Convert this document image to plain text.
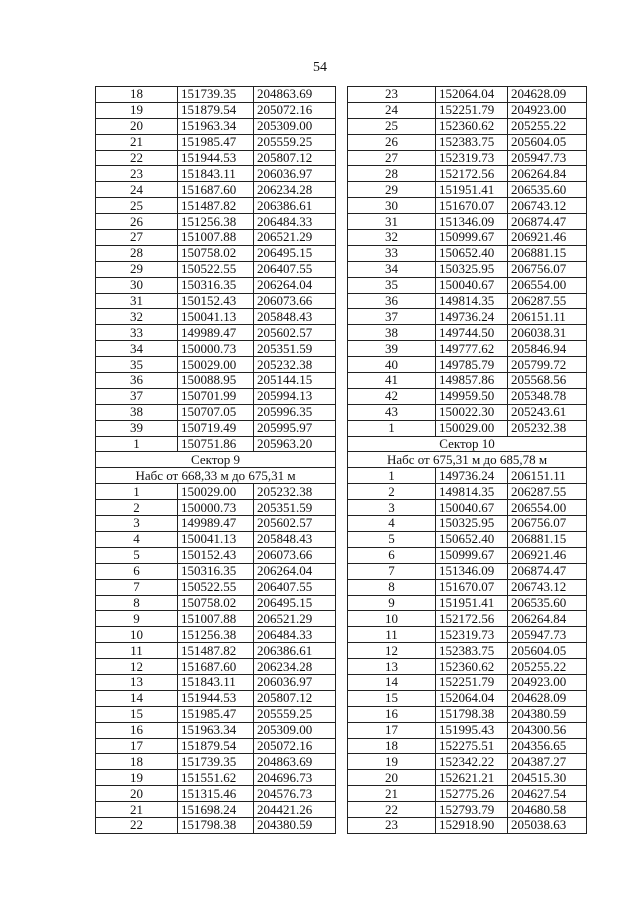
54
18	151739.35	204863.69
19	151879.54	205072.16
20	151963.34	205309.00
21	151985.47	205559.25
22	151944.53	205807.12
23	151843.11	206036.97
24	151687.60	206234.28
25	151487.82	206386.61
26	151256.38	206484.33
27	151007.88	206521.29
28	150758.02	206495.15
29	150522.55	206407.55
30	150316.35	206264.04
31	150152.43	206073.66
32	150041.13	205848.43
33	149989.47	205602.57
34	150000.73	205351.59
35	150029.00	205232.38
36	150088.95	205144.15
37	150701.99	205994.13
38	150707.05	205996.35
39	150719.49	205995.97
1	150751.86	205963.20
Сектор 9		
Набс от 668,33 м до 675,31 м		
1	150029.00	205232.38
2	150000.73	205351.59
3	149989.47	205602.57
4	150041.13	205848.43
5	150152.43	206073.66
6	150316.35	206264.04
7	150522.55	206407.55
8	150758.02	206495.15
9	151007.88	206521.29
10	151256.38	206484.33
11	151487.82	206386.61
12	151687.60	206234.28
13	151843.11	206036.97
14	151944.53	205807.12
15	151985.47	205559.25
16	151963.34	205309.00
17	151879.54	205072.16
18	151739.35	204863.69
19	151551.62	204696.73
20	151315.46	204576.73
21	151698.24	204421.26
22	151798.38	204380.59
23	152064.04	204628.09
24	152251.79	204923.00
25	152360.62	205255.22
26	152383.75	205604.05
27	152319.73	205947.73
28	152172.56	206264.84
29	151951.41	206535.60
30	151670.07	206743.12
31	151346.09	206874.47
32	150999.67	206921.46
33	150652.40	206881.15
34	150325.95	206756.07
35	150040.67	206554.00
36	149814.35	206287.55
37	149736.24	206151.11
38	149744.50	206038.31
39	149777.62	205846.94
40	149785.79	205799.72
41	149857.86	205568.56
42	149959.50	205348.78
43	150022.30	205243.61
1	150029.00	205232.38
Сектор 10		
Набс от 675,31 м до 685,78 м		
1	149736.24	206151.11
2	149814.35	206287.55
3	150040.67	206554.00
4	150325.95	206756.07
5	150652.40	206881.15
6	150999.67	206921.46
7	151346.09	206874.47
8	151670.07	206743.12
9	151951.41	206535.60
10	152172.56	206264.84
11	152319.73	205947.73
12	152383.75	205604.05
13	152360.62	205255.22
14	152251.79	204923.00
15	152064.04	204628.09
16	151798.38	204380.59
17	151995.43	204300.56
18	152275.51	204356.65
19	152342.22	204387.27
20	152621.21	204515.30
21	152775.26	204627.54
22	152793.79	204680.58
23	152918.90	205038.63
